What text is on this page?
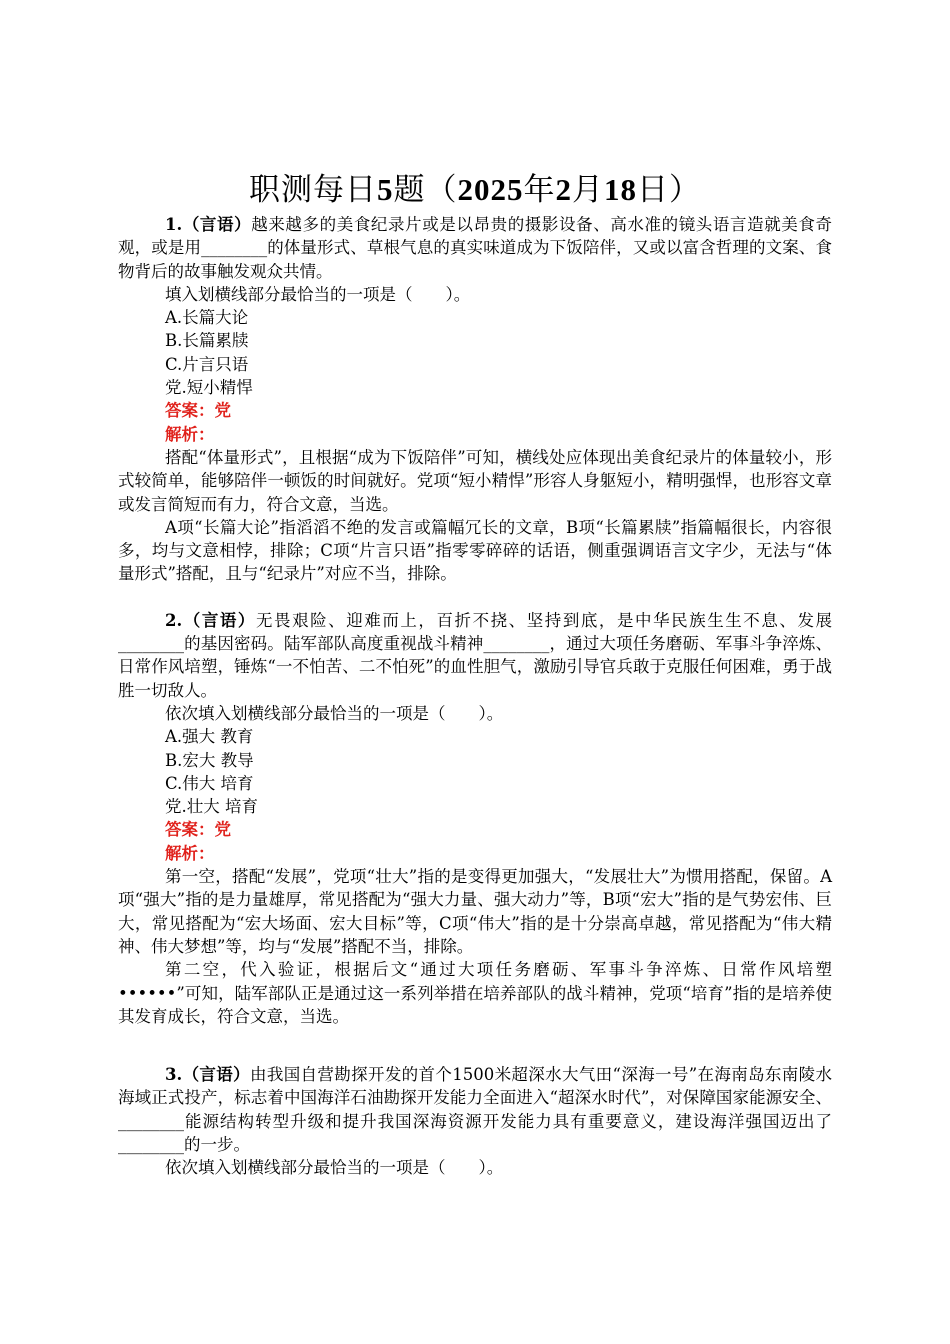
职测每日5题（2025年2月18日）

1.（言语）越来越多的美食纪录片或是以昂贵的摄影设备、高水准的镜头语言造就美食奇观，或是用________的体量形式、草根气息的真实味道成为下饭陪伴，又或以富含哲理的文案、食物背后的故事触发观众共情。

填入划横线部分最恰当的一项是（　　）。

A.长篇大论

B.长篇累牍

C.片言只语

党.短小精悍

答案：党

解析：

搭配“体量形式”，且根据“成为下饭陪伴”可知，横线处应体现出美食纪录片的体量较小，形式较简单，能够陪伴一顿饭的时间就好。党项“短小精悍”形容人身躯短小，精明强悍，也形容文章或发言简短而有力，符合文意，当选。

A项“长篇大论”指滔滔不绝的发言或篇幅冗长的文章，B项“长篇累牍”指篇幅很长，内容很多，均与文意相悖，排除；C项“片言只语”指零零碎碎的话语，侧重强调语言文字少，无法与“体量形式”搭配，且与“纪录片”对应不当，排除。

2.（言语）无畏艰险、迎难而上，百折不挠、坚持到底，是中华民族生生不息、发展________的基因密码。陆军部队高度重视战斗精神________，通过大项任务磨砺、军事斗争淬炼、日常作风培塑，锤炼“一不怕苦、二不怕死”的血性胆气，激励引导官兵敢于克服任何困难，勇于战胜一切敌人。

依次填入划横线部分最恰当的一项是（　　）。

A.强大 教育

B.宏大 教导

C.伟大 培育

党.壮大 培育

答案：党

解析：

第一空，搭配“发展”，党项“壮大”指的是变得更加强大，“发展壮大”为惯用搭配，保留。A项“强大”指的是力量雄厚，常见搭配为“强大力量、强大动力”等，B项“宏大”指的是气势宏伟、巨大，常见搭配为“宏大场面、宏大目标”等，C项“伟大”指的是十分崇高卓越，常见搭配为“伟大精神、伟大梦想”等，均与“发展”搭配不当，排除。

第二空，代入验证，根据后文“通过大项任务磨砺、军事斗争淬炼、日常作风培塑••••••”可知，陆军部队正是通过这一系列举措在培养部队的战斗精神，党项“培育”指的是培养使其发育成长，符合文意，当选。

3.（言语）由我国自营勘探开发的首个1500米超深水大气田“深海一号”在海南岛东南陵水海域正式投产，标志着中国海洋石油勘探开发能力全面进入“超深水时代”，对保障国家能源安全、________能源结构转型升级和提升我国深海资源开发能力具有重要意义，建设海洋强国迈出了________的一步。

依次填入划横线部分最恰当的一项是（　　）。
